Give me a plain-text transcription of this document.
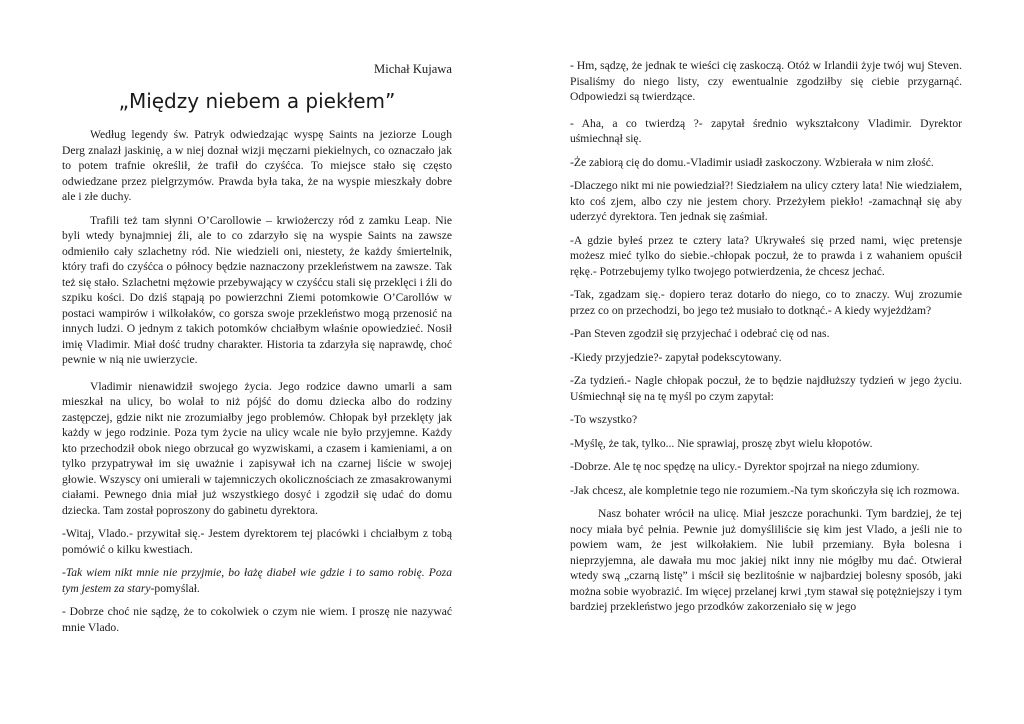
Michał Kujawa
„Między niebem a piekłem”

Według legendy św. Patryk odwiedzając wyspę Saints na jeziorze Lough Derg znalazł jaskinię, a w niej doznał wizji męczarni piekielnych, co oznaczało jak to potem trafnie określił, że trafił do czyśćca. To miejsce stało się często odwiedzane przez pielgrzymów. Prawda była taka, że na wyspie mieszkały dobre ale i złe duchy.

Trafili też tam słynni O’Carollowie – krwiożerczy ród z zamku Leap. Nie byli wtedy bynajmniej źli, ale to co zdarzyło się na wyspie Saints na zawsze odmieniło cały szlachetny ród. Nie wiedzieli oni, niestety, że każdy śmiertelnik, który trafi do czyśćca o północy będzie naznaczony przekleństwem na zawsze. Tak też się stało. Szlachetni mężowie przebywający w czyśćcu stali się przeklęci i źli do szpiku kości. Do dziś stąpają po powierzchni Ziemi potomkowie O’Carollów w postaci wampirów i wilkołaków, co gorsza swoje przekleństwo mogą przenosić na innych ludzi. O jednym z takich potomków chciałbym właśnie opowiedzieć. Nosił imię Vladimir. Miał dość trudny charakter. Historia ta zdarzyła się naprawdę, choć pewnie w nią nie uwierzycie.

Vladimir nienawidził swojego życia. Jego rodzice dawno umarli a sam mieszkał na ulicy, bo wolał to niż pójść do domu dziecka albo do rodziny zastępczej, gdzie nikt nie zrozumiałby jego problemów. Chłopak był przeklęty jak każdy w jego rodzinie. Poza tym życie na ulicy wcale nie było przyjemne. Każdy kto przechodził obok niego obrzucał go wyzwiskami, a czasem i kamieniami, a on tylko przypatrywał im się uważnie i zapisywał ich na czarnej liście w swojej głowie. Wszyscy oni umierali w tajemniczych okolicznościach ze zmasakrowanymi ciałami. Pewnego dnia miał już wszystkiego dosyć i zgodził się udać do domu dziecka. Tam został poproszony do gabinetu dyrektora.

-Witaj, Vlado.- przywitał się.- Jestem dyrektorem tej placówki i chciałbym z tobą pomówić o kilku kwestiach.

-Tak wiem nikt mnie nie przyjmie, bo łażę diabeł wie gdzie i to samo robię. Poza tym jestem za stary-pomyślał.

- Dobrze choć nie sądzę, że to cokolwiek o czym nie wiem. I proszę nie nazywać mnie Vlado.

- Hm, sądzę, że jednak te wieści cię zaskoczą. Otóż w Irlandii żyje twój wuj Steven. Pisaliśmy do niego listy, czy ewentualnie zgodziłby się ciebie przygarnąć. Odpowiedzi są twierdzące.

- Aha, a co twierdzą ?- zapytał średnio wykształcony Vladimir. Dyrektor uśmiechnął się.

-Że zabiorą cię do domu.-Vladimir usiadł zaskoczony. Wzbierała w nim złość.

-Dlaczego nikt mi nie powiedział?! Siedziałem na ulicy cztery lata! Nie wiedziałem, kto coś zjem, albo czy nie jestem chory. Przeżyłem piekło! -zamachnął się aby uderzyć dyrektora. Ten jednak się zaśmiał.

-A gdzie byłeś przez te cztery lata? Ukrywałeś się przed nami, więc pretensje możesz mieć tylko do siebie.-chłopak poczuł, że to prawda i z wahaniem opuścił rękę.- Potrzebujemy tylko twojego potwierdzenia, że chcesz jechać.

-Tak, zgadzam się.- dopiero teraz dotarło do niego, co to znaczy. Wuj zrozumie przez co on przechodzi, bo jego też musiało to dotknąć.- A kiedy wyjeżdżam?

-Pan Steven zgodził się przyjechać i odebrać cię od nas.

-Kiedy przyjedzie?- zapytał podekscytowany.

-Za tydzień.- Nagle chłopak poczuł, że to będzie najdłuższy tydzień w jego życiu. Uśmiechnął się na tę myśl po czym zapytał:

-To wszystko?

-Myślę, że tak, tylko... Nie sprawiaj, proszę zbyt wielu kłopotów.

-Dobrze. Ale tę noc spędzę na ulicy.- Dyrektor spojrzał na niego zdumiony.

-Jak chcesz, ale kompletnie tego nie rozumiem.-Na tym skończyła się ich rozmowa.

Nasz bohater wrócił na ulicę. Miał jeszcze porachunki. Tym bardziej, że tej nocy miała być pełnia. Pewnie już domyśliliście się kim jest Vlado, a jeśli nie to powiem wam, że jest wilkołakiem. Nie lubił przemiany. Była bolesna i nieprzyjemna, ale dawała mu moc jakiej nikt inny nie mógłby mu dać. Otwierał wtedy swą „czarną listę” i mścił się bezlitośnie w najbardziej bolesny sposób, jaki można sobie wyobrazić. Im więcej przelanej krwi ,tym stawał się potężniejszy i tym bardziej przekleństwo jego przodków zakorzeniało się w jego
